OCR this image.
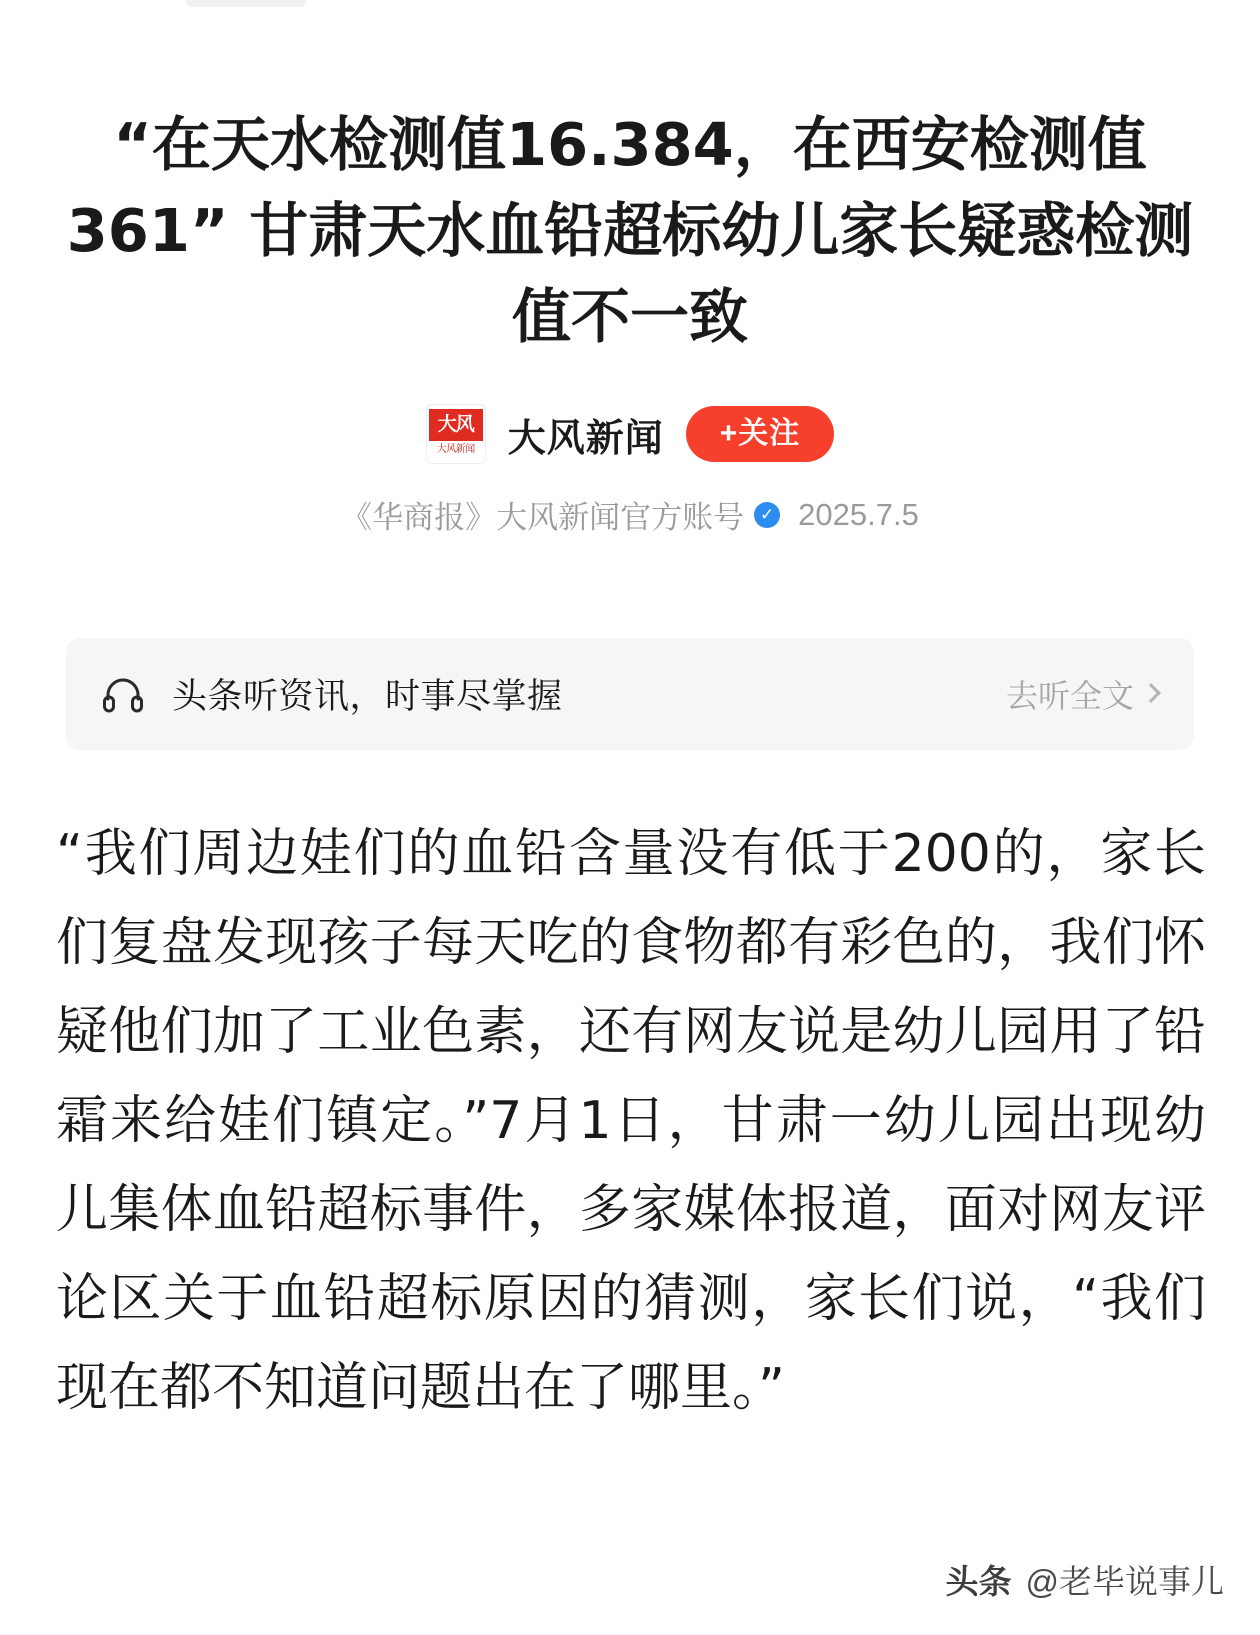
“在天水检测值16.384，在西安检测值361” 甘肃天水血铅超标幼儿家长疑惑检测值不一致
大风
大风新闻 大风新闻	+关注
《华商报》大风新闻官方账号 ✓ 2025.7.5
头条听资讯，时事尽掌握	去听全文
“我们周边娃们的血铅含量没有低于200的，家长们复盘发现孩子每天吃的食物都有彩色的，我们怀疑他们加了工业色素，还有网友说是幼儿园用了铅霜来给娃们镇定。”7月1日，甘肃一幼儿园出现幼儿集体血铅超标事件，多家媒体报道，面对网友评论区关于血铅超标原因的猜测，家长们说，“我们现在都不知道问题出在了哪里。”
头条 @老毕说事儿
